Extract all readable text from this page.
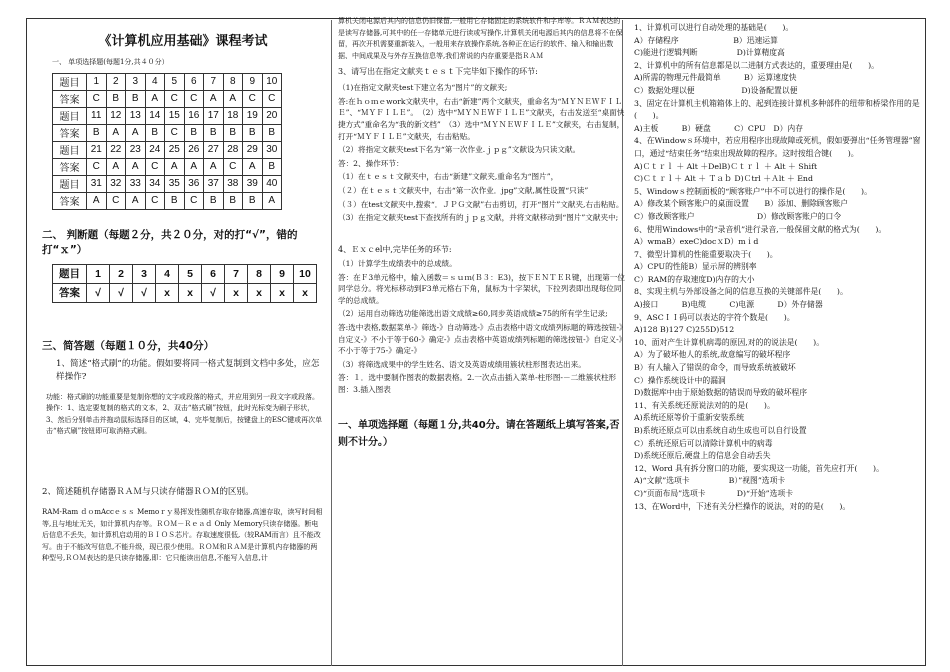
《计算机应用基础》课程考试
一、 单项选择题(每题1分,共４０分）
题目	1	2	3	4	5	6	7	8	9	10
答案	C	B	B	A	C	C	A	A	C	C
题目	11	12	13	14	15	16	17	18	19	20
答案	B	A	A	B	C	B	B	B	B	B
题目	21	22	23	24	25	26	27	28	29	30
答案	C	A	A	C	A	A	A	C	A	B
题目	31	32	33	34	35	36	37	38	39	40
答案	A	C	A	C	B	C	B	B	B	A
二、 判断题（每题２分，共２０分，对的打“√”，错的打“ｘ”）
题目	1	2	3	4	5	6	7	8	9	10
答案	√	√	√	x	x	√	x	x	x	x
三、简答题（每题１０分，共40分）
1、简述“格式刷”的功能。假如要将同一格式复制到文档中多处，应怎样操作?
功能：格式刷的功能重要是复制你想的文字或段落的格式，并应用到另一段文字或段落。操作：1、选定要复制的格式的文本，2、双击“格式刷”按钮，此时光标变为刷子形状，3、然后分别单击并拖动鼠标选择目的区域，4、完毕复制后，按键盘上的ESC键或再次单击“格式刷”按钮即可取消格式刷。
2、简述随机存储器ＲＡＭ与只读存储器ＲＯＭ的区别。
RAM-Ram ｄｏmAccｅｓｓ Memoｒｙ易挥发性随机存取存储器,高速存取，读写时间相等,且与地址无关，如计算机内存等。ＲＯＭ－Ｒｅａｄ Only Ｍemory只读存储器。断电后信息不丢失，如计算机启动用的ＢＩＯＳ芯片。存取速度很低,（较RAM而言）且不能改写。由于不能改写信息,不能升级，现已很少使用。ＲＯＭ和ＲＡＭ是计算机内存储器的两种型号,ＲＯＭ表达的是只读存储器,即：它只能读出信息,不能写入信息,计
算机关闭电源后其内的信息仍旧保留,一般用它存储固定的系统软件和字库等。ＲＡＭ表达的是读写存储器,可其中的任一存储单元进行读或写操作,计算机关闭电源后其内的信息将不在保留，再次开机需要重新装入，一般用来存放操作系统,各种正在运行的软件、输入和输出数据、中间成果及与外存互换信息等,我们常说的内存重要是指ＲＡＭ
3、请写出在指定文献夹ｔｅｓｔ下完毕如下操作的环节:
（1)在指定文献夹test下建立名为“图片”的文献夹;
答:在ｈｏｍｅwork文献夹中，右击“新建”两个文献夹，重命名为“ＭＹＮＥＷＦＩＬＥ”、“ＭＹＦＩＬＥ”。　（2）选中“ＭＹＮＥＷＦＩＬＥ”文献夹，右击发送至“桌面快捷方式”重命名为“我的新文档”　（3）选中“ＭＹＮＥＷＦＩＬＥ”文献夹，右击复制，打开“ＭＹＦＩＬＥ”文献夹，右击粘贴。
（2）将指定文献夹test下名为“第一次作业.ｊｐｇ”文献设为只读文献。
答：2、操作环节：
（1）在ｔｅｓｔ文献夹中，右击“新建”文献夹,重命名为“图片”，
（２）在ｔｅｓｔ文献夹中，右击“第一次作业．jpg”文献,属性设置“只读”
（３）在test文献夹中,搜索“．ＪＰＧ文献”右击剪切，打开“图片”文献夹,右击粘贴。
（3）在指定文献夹test下查找所有的ｊｐｇ文献，并将文献移动到“图片”文献夹中;
4、Ｅｘｃel中,完毕任务的环节:
（1）计算学生成绩表中的总成绩。
答：在Ｆ3单元格中，输入函数＝ｓｕｍ(Ｂ３：E3)，按下ＥＮＴＥＲ键，出现第一位同学总分。将光标移动到F3单元格右下角，鼠标为十字架状，下拉列表即出现每位同学的总成绩。
（2）运用自动筛选功能筛选出语文成绩≥60,同步英语成绩≥75的所有学生记录;
答:选中表格,数据菜单-》筛选-》自动筛选-》点击表格中语文成绩列标题的筛选按钮-》自定义-》不小于等于60-》确定-》点击表格中英语成绩列标题的筛选按钮-》自定义-》不小于等于75-》确定-》
（3）将筛选成果中的学生姓名、语文及英语成绩用簇状柱形图表达出来。
答：１．选中要制作图表的数据表格。2.一次点击插入菜单-柱形图-－二维簇状柱形图：3.插入图表
一、单项选择题（每题１分,共40分。请在答题纸上填写答案,否则不计分。）
1、计算机可以进行自动处理的基础是(　　)。
A）存储程序　　　　　　　B）迅速运算
C)能进行逻辑判断　　　　　D)计算精度高
2、计算机中的所有信息都是以二进制方式表达的，重要理由是(　　)。
A)所需的物理元件最简单　　　B）运算速度快
C）数据处理以便　　　　　　D)设备配置以便
3、固定在计算机主机箱箱体上的、起到连接计算机多种部件的纽带和桥梁作用的是(　　)。
A)主板　　　B）硬盘　　　C）CPU　D）内存
4、在Windowｓ环境中，若应用程序出现故障或死机，假如要弹出“任务管理器”窗口，通过“结束任务”结束出现故障的程序。这时按组合键(　　)。
A)Ｃｔｒｌ ＋ Alt ＋DelB)Ｃｔｒｌ ＋ Alt ＋ Shift
C)Ｃｔｒｌ＋ Alt ＋ Ｔａｂ D)Ｃtrl ＋Ａlt ＋ End
5、Windowｓ控制面板的“顾客账户”中不可以进行的操作是(　　)。
A）修改某个顾客账户的桌面设置　　B）添加、删除顾客账户
C）修改顾客账户　　　　　　　　D）修改顾客账户的口令
6、使用Windows中的“录音机”进行录音,一般保留文献的格式为(　　)。
A）wmaB）exeC)docｘD）mｉd
7、微型计算机的性能重要取决于(　　)。
A）CPU的性能B）显示屏的辨别率
C）RAM的存取速度D)内存的大小
8、实现主机与外部设备之间的信息互换的关键部件是(　　)。
A)接口　　　B)电缆　　　C)电源　　　D）外存储器
9、ASCＩＩ码可以表达的字符个数是(　　)。
A)128 B)127 C)255D)512
10、面对产生计算机病毒的原因,对的的说法是(　　)。
A）为了破坏他人的系统,故意编写的破坏程序
B）有人输入了错误的命令，而导致系统被破坏
C）操作系统设计中的漏洞
D)数据库中由于原始数据的错误而导致的破坏程序
11、有关系统还原说法对的的是(　　)。
A)系统还原等价于重新安装系统
B)系统还原点可以由系统自动生成也可以自行设置
C）系统还原后可以清除计算机中的病毒
D)系统还原后,硬盘上的信息会自动丢失
12、Word 具有拆分窗口的功能，要实现这一功能，首先应打开(　　)。
A)“文献”选项卡　　　　　B）”视图”选项卡
C)“页面布局”选项卡　　　　D)“开始”选项卡
13、在Word中，下述有关分栏操作的说法，对的的是(　　)。
